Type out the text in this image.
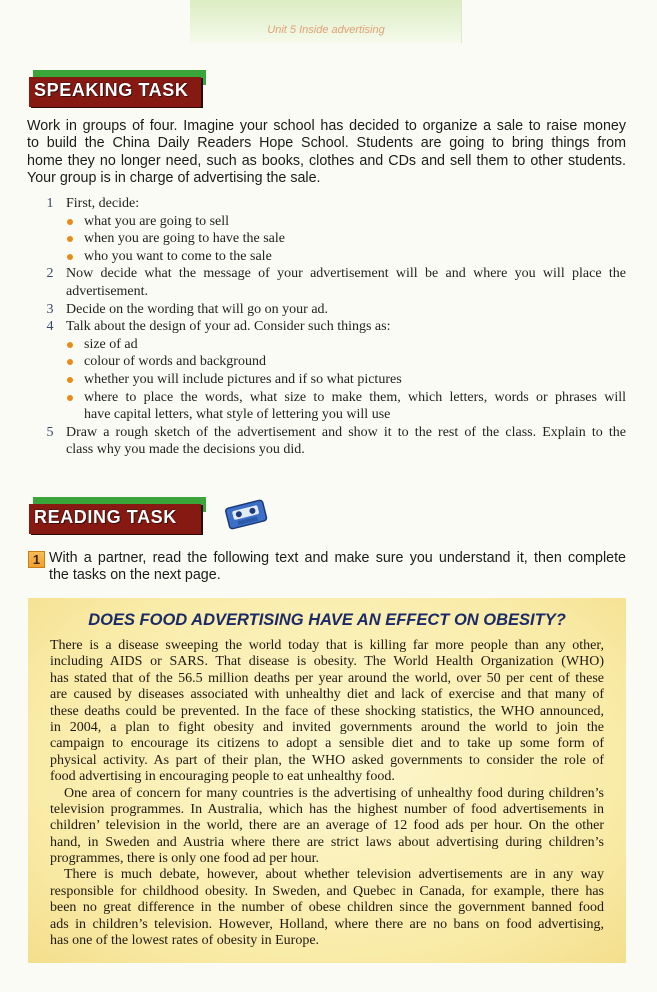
Unit 5 Inside advertising
SPEAKING TASK
Work in groups of four. Imagine your school has decided to organize a sale to raise money
to build the China Daily Readers Hope School. Students are going to bring things from
home they no longer need, such as books, clothes and CDs and sell them to other students.
Your group is in charge of advertising the sale.
1 First, decide:
what you are going to sell
when you are going to have the sale
who you want to come to the sale
2 Now decide what the message of your advertisement will be and where you will place the
advertisement.
3 Decide on the wording that will go on your ad.
4 Talk about the design of your ad. Consider such things as:
size of ad
colour of words and background
whether you will include pictures and if so what pictures
where to place the words, what size to make them, which letters, words or phrases will
have capital letters, what style of lettering you will use
5 Draw a rough sketch of the advertisement and show it to the rest of the class. Explain to the
class why you made the decisions you did.
READING TASK
1 With a partner, read the following text and make sure you understand it, then complete
the tasks on the next page.
DOES FOOD ADVERTISING HAVE AN EFFECT ON OBESITY?
There is a disease sweeping the world today that is killing far more people than any other,
including AIDS or SARS. That disease is obesity. The World Health Organization (WHO)
has stated that of the 56.5 million deaths per year around the world, over 50 per cent of these
are caused by diseases associated with unhealthy diet and lack of exercise and that many of
these deaths could be prevented. In the face of these shocking statistics, the WHO announced,
in 2004, a plan to fight obesity and invited governments around the world to join the
campaign to encourage its citizens to adopt a sensible diet and to take up some form of
physical activity. As part of their plan, the WHO asked governments to consider the role of
food advertising in encouraging people to eat unhealthy food.
One area of concern for many countries is the advertising of unhealthy food during children’s
television programmes. In Australia, which has the highest number of food advertisements in
children’ television in the world, there are an average of 12 food ads per hour. On the other
hand, in Sweden and Austria where there are strict laws about advertising during children’s
programmes, there is only one food ad per hour.
There is much debate, however, about whether television advertisements are in any way
responsible for childhood obesity. In Sweden, and Quebec in Canada, for example, there has
been no great difference in the number of obese children since the government banned food
ads in children’s television. However, Holland, where there are no bans on food advertising,
has one of the lowest rates of obesity in Europe.
